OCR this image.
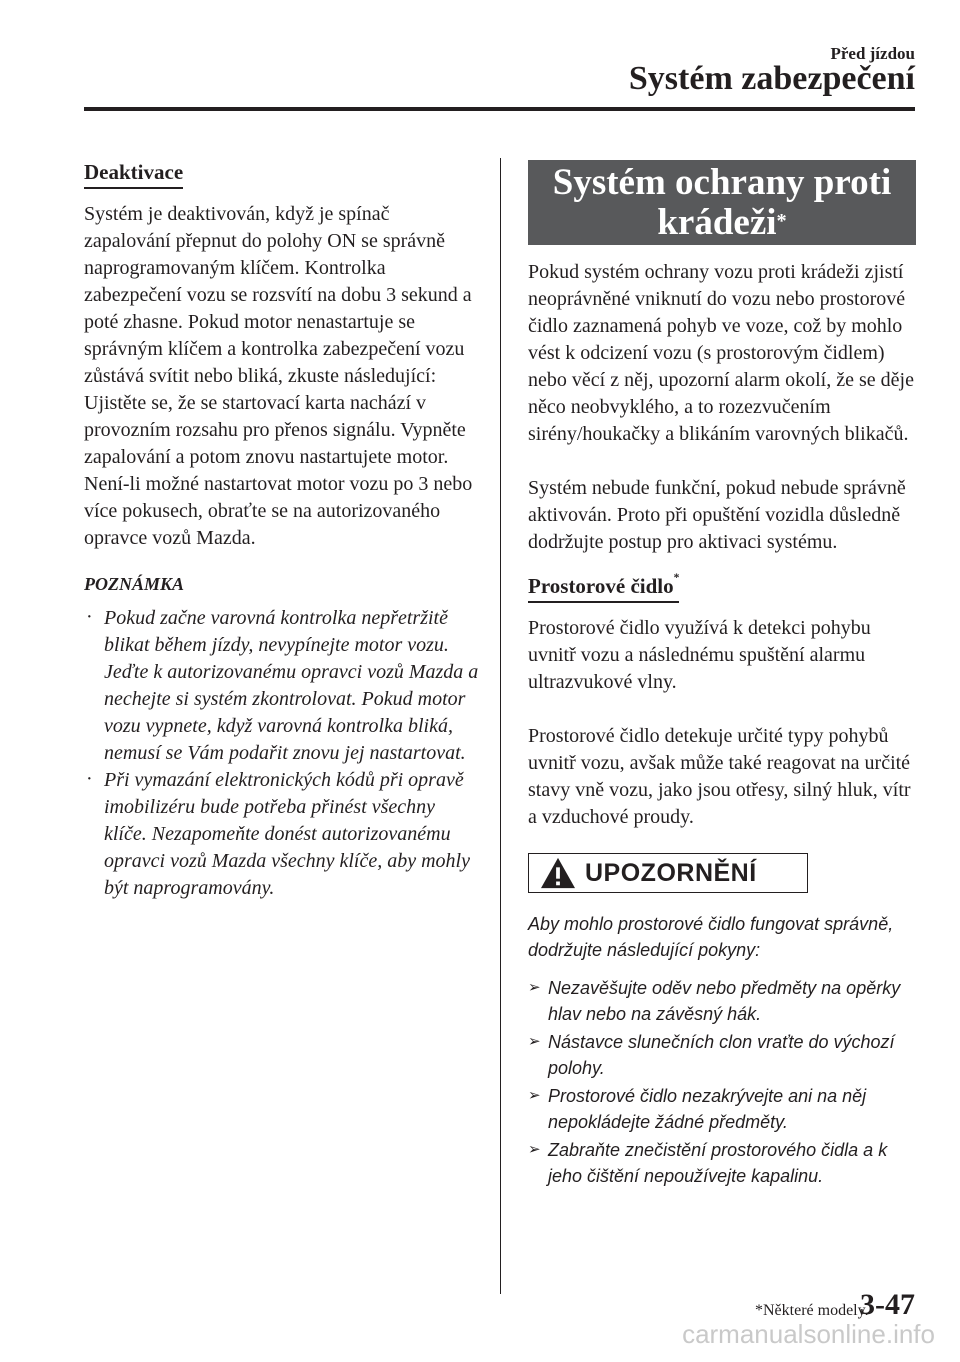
Před jízdou
Systém zabezpečení
Deaktivace

Systém je deaktivován, když je spínač zapalování přepnut do polohy ON se správně naprogramovaným klíčem. Kontrolka zabezpečení vozu se rozsvítí na dobu 3 sekund a poté zhasne. Pokud motor nenastartuje se správným klíčem a kontrolka zabezpečení vozu zůstává svítit nebo bliká, zkuste následující: Ujistěte se, že se startovací karta nachází v provozním rozsahu pro přenos signálu. Vypněte zapalování a potom znovu nastartujete motor. Není-li možné nastartovat motor vozu po 3 nebo více pokusech, obraťte se na autorizovaného opravce vozů Mazda.

POZNÁMKA

· Pokud začne varovná kontrolka nepřetržitě blikat během jízdy, nevypínejte motor vozu. Jeďte k autorizovanému opravci vozů Mazda a nechejte si systém zkontrolovat. Pokud motor vozu vypnete, když varovná kontrolka bliká, nemusí se Vám podařit znovu jej nastartovat.
· Při vymazání elektronických kódů při opravě imobilizéru bude potřeba přinést všechny klíče. Nezapomeňte donést autorizovanému opravci vozů Mazda všechny klíče, aby mohly být naprogramovány.
Systém ochrany proti
krádeži*

Pokud systém ochrany vozu proti krádeži zjistí neoprávněné vniknutí do vozu nebo prostorové čidlo zaznamená pohyb ve voze, což by mohlo vést k odcizení vozu (s prostorovým čidlem) nebo věcí z něj, upozorní alarm okolí, že se děje něco neobvyklého, a to rozezvučením sirény/houkačky a blikáním varovných blikačů.

Systém nebude funkční, pokud nebude správně aktivován. Proto při opuštění vozidla důsledně dodržujte postup pro aktivaci systému.

Prostorové čidlo*

Prostorové čidlo využívá k detekci pohybu uvnitř vozu a následnému spuštění alarmu ultrazvukové vlny.

Prostorové čidlo detekuje určité typy pohybů uvnitř vozu, avšak může také reagovat na určité stavy vně vozu, jako jsou otřesy, silný hluk, vítr a vzduchové proudy.

UPOZORNĚNÍ

Aby mohlo prostorové čidlo fungovat správně, dodržujte následující pokyny:

➢ Nezavěšujte oděv nebo předměty na opěrky hlav nebo na závěsný hák.
➢ Nástavce slunečních clon vraťte do výchozí polohy.
➢ Prostorové čidlo nezakrývejte ani na něj nepokládejte žádné předměty.
➢ Zabraňte znečistění prostorového čidla a k jeho čištění nepoužívejte kapalinu.
*Některé modely.
3-47
carmanualsonline.info
